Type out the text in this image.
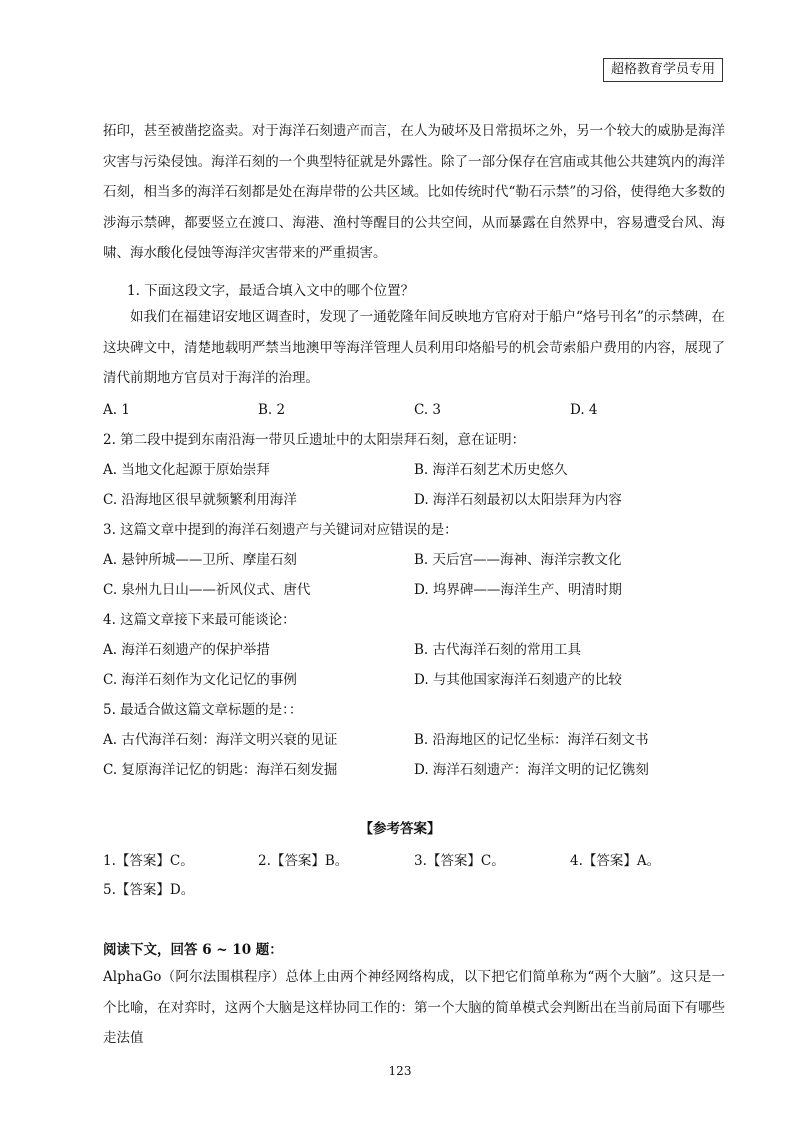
超格教育学员专用
拓印，甚至被凿挖盗卖。对于海洋石刻遗产而言，在人为破坏及日常损坏之外，另一个较大的威胁是海洋灾害与污染侵蚀。海洋石刻的一个典型特征就是外露性。除了一部分保存在宫庙或其他公共建筑内的海洋石刻，相当多的海洋石刻都是处在海岸带的公共区域。比如传统时代“勒石示禁”的习俗，使得绝大多数的涉海示禁碑，都要竖立在渡口、海港、渔村等醒目的公共空间，从而暴露在自然界中，容易遭受台风、海啸、海水酸化侵蚀等海洋灾害带来的严重损害。
1. 下面这段文字，最适合填入文中的哪个位置？
如我们在福建诏安地区调查时，发现了一通乾隆年间反映地方官府对于船户“烙号刊名”的示禁碑，在这块碑文中，清楚地载明严禁当地澳甲等海洋管理人员利用印烙船号的机会苛索船户费用的内容，展现了清代前期地方官员对于海洋的治理。
A. 1	B. 2	C. 3	D. 4
2. 第二段中提到东南沿海一带贝丘遗址中的太阳崇拜石刻，意在证明：
A. 当地文化起源于原始崇拜	B. 海洋石刻艺术历史悠久
C. 沿海地区很早就频繁利用海洋	D. 海洋石刻最初以太阳崇拜为内容
3. 这篇文章中提到的海洋石刻遗产与关键词对应错误的是：
A. 悬钟所城——卫所、摩崖石刻	B. 天后宫——海神、海洋宗教文化
C. 泉州九日山——祈风仪式、唐代	D. 坞界碑——海洋生产、明清时期
4. 这篇文章接下来最可能谈论：
A. 海洋石刻遗产的保护举措	B. 古代海洋石刻的常用工具
C. 海洋石刻作为文化记忆的事例	D. 与其他国家海洋石刻遗产的比较
5. 最适合做这篇文章标题的是：：
A. 古代海洋石刻：海洋文明兴衰的见证	B. 沿海地区的记忆坐标：海洋石刻文书
C. 复原海洋记忆的钥匙：海洋石刻发掘	D. 海洋石刻遗产：海洋文明的记忆镌刻
【参考答案】
1.【答案】C。	2.【答案】B。	3.【答案】C。	4.【答案】A。
5.【答案】D。
阅读下文，回答 6 ~ 10 题：
AlphaGo（阿尔法围棋程序）总体上由两个神经网络构成，以下把它们简单称为“两个大脑”。这只是一个比喻，在对弈时，这两个大脑是这样协同工作的：第一个大脑的简单模式会判断出在当前局面下有哪些走法值
123
